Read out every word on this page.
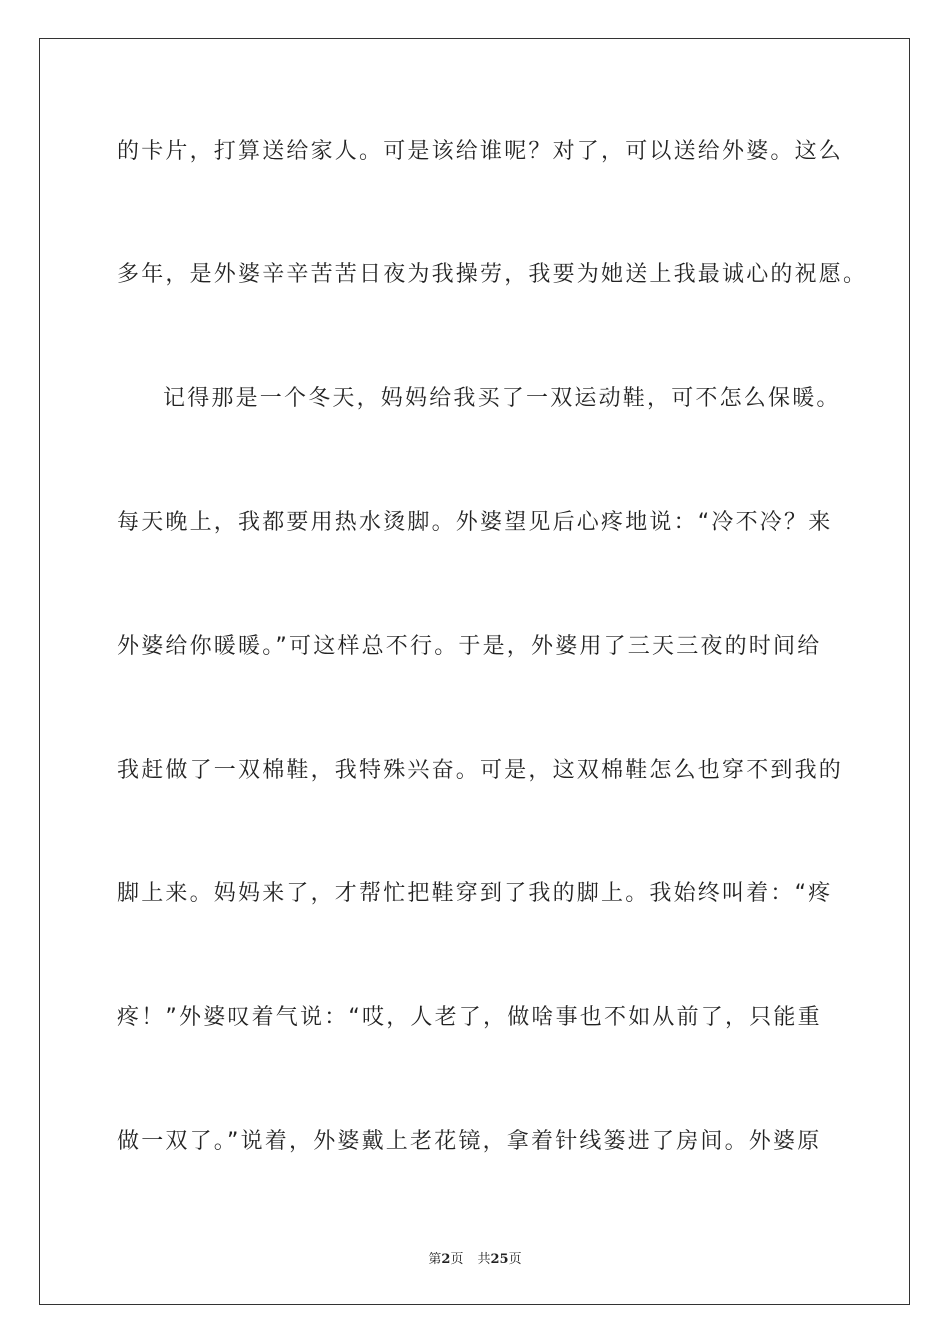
的卡片，打算送给家人。可是该给谁呢？对了，可以送给外婆。这么
多年，是外婆辛辛苦苦日夜为我操劳，我要为她送上我最诚心的祝愿。
记得那是一个冬天，妈妈给我买了一双运动鞋，可不怎么保暖。
每天晚上，我都要用热水烫脚。外婆望见后心疼地说：“冷不冷？来
外婆给你暖暖。”可这样总不行。于是，外婆用了三天三夜的时间给
我赶做了一双棉鞋，我特殊兴奋。可是，这双棉鞋怎么也穿不到我的
脚上来。妈妈来了，才帮忙把鞋穿到了我的脚上。我始终叫着：“疼
疼！”外婆叹着气说：“哎，人老了，做啥事也不如从前了，只能重
做一双了。”说着，外婆戴上老花镜，拿着针线篓进了房间。外婆原
第2页 共25页
